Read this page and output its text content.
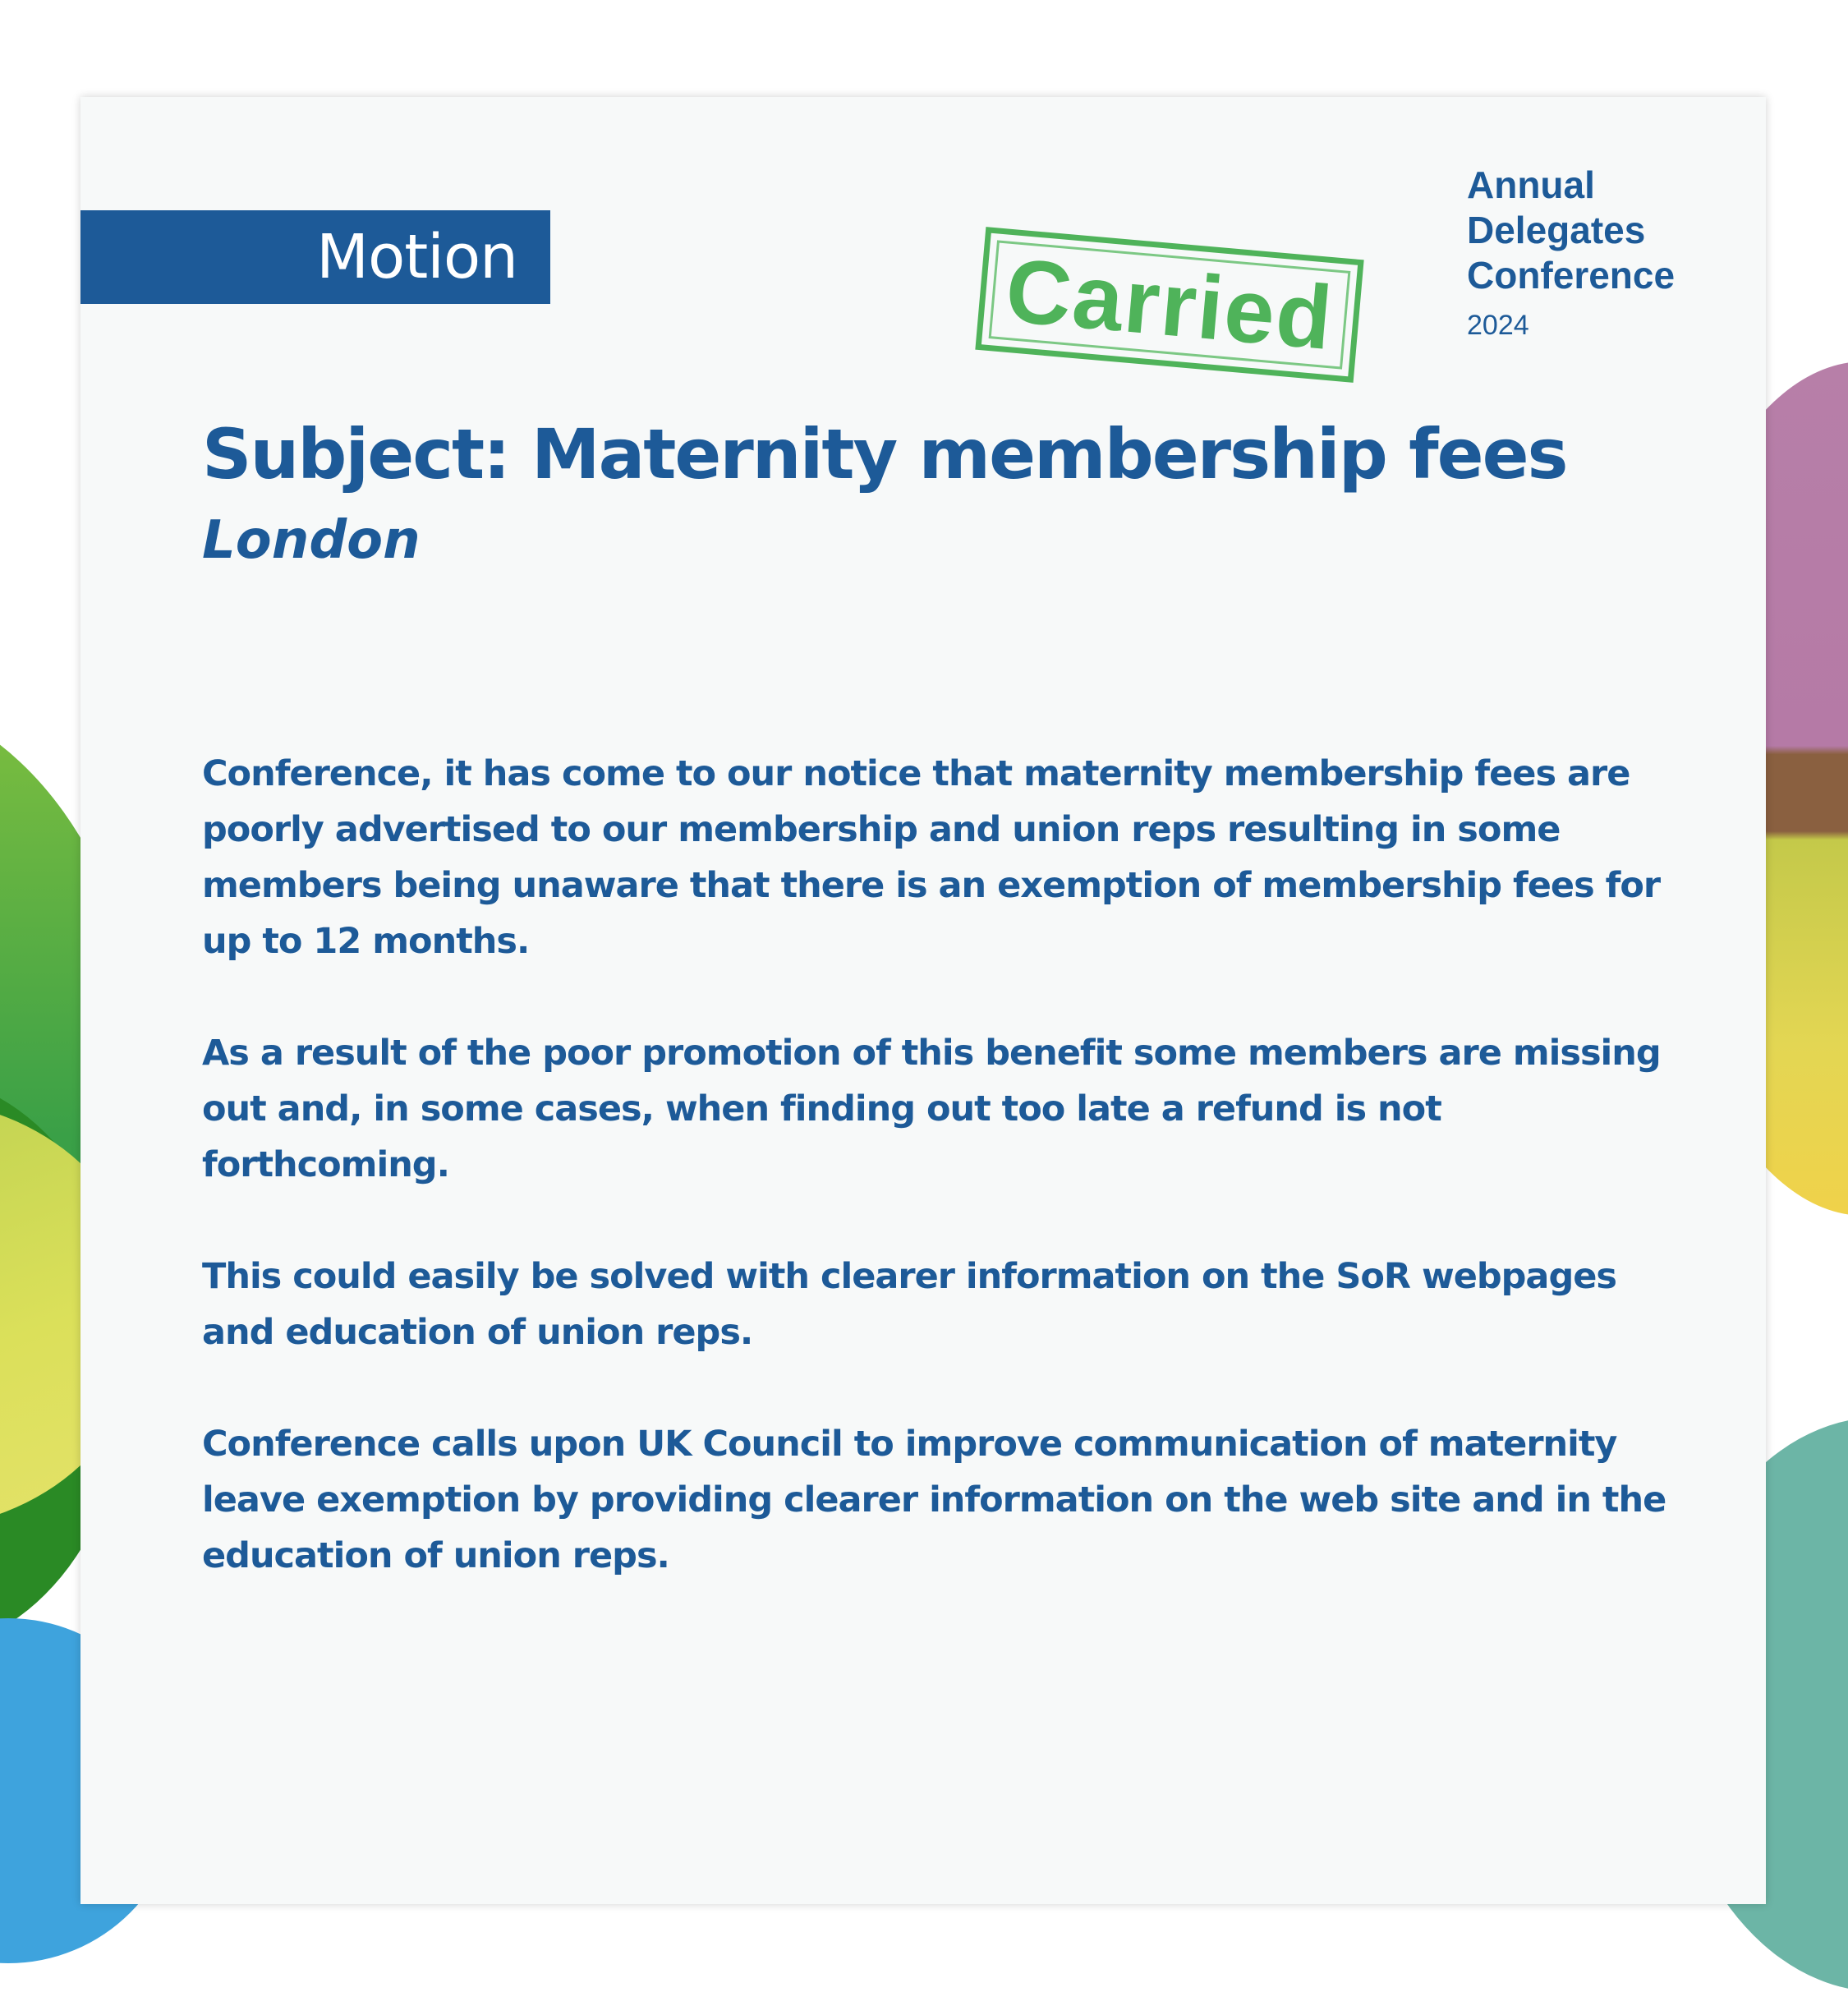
Motion	Carried
Annual
Delegates
Conference
2024
Subject: Maternity membership fees
London

Conference, it has come to our notice that maternity membership fees are poorly advertised to our membership and union reps resulting in some members being unaware that there is an exemption of membership fees for up to 12 months.

As a result of the poor promotion of this benefit some members are missing out and, in some cases, when finding out too late a refund is not forthcoming.

This could easily be solved with clearer information on the SoR webpages and education of union reps.

Conference calls upon UK Council to improve communication of maternity leave exemption by providing clearer information on the web site and in the education of union reps.
